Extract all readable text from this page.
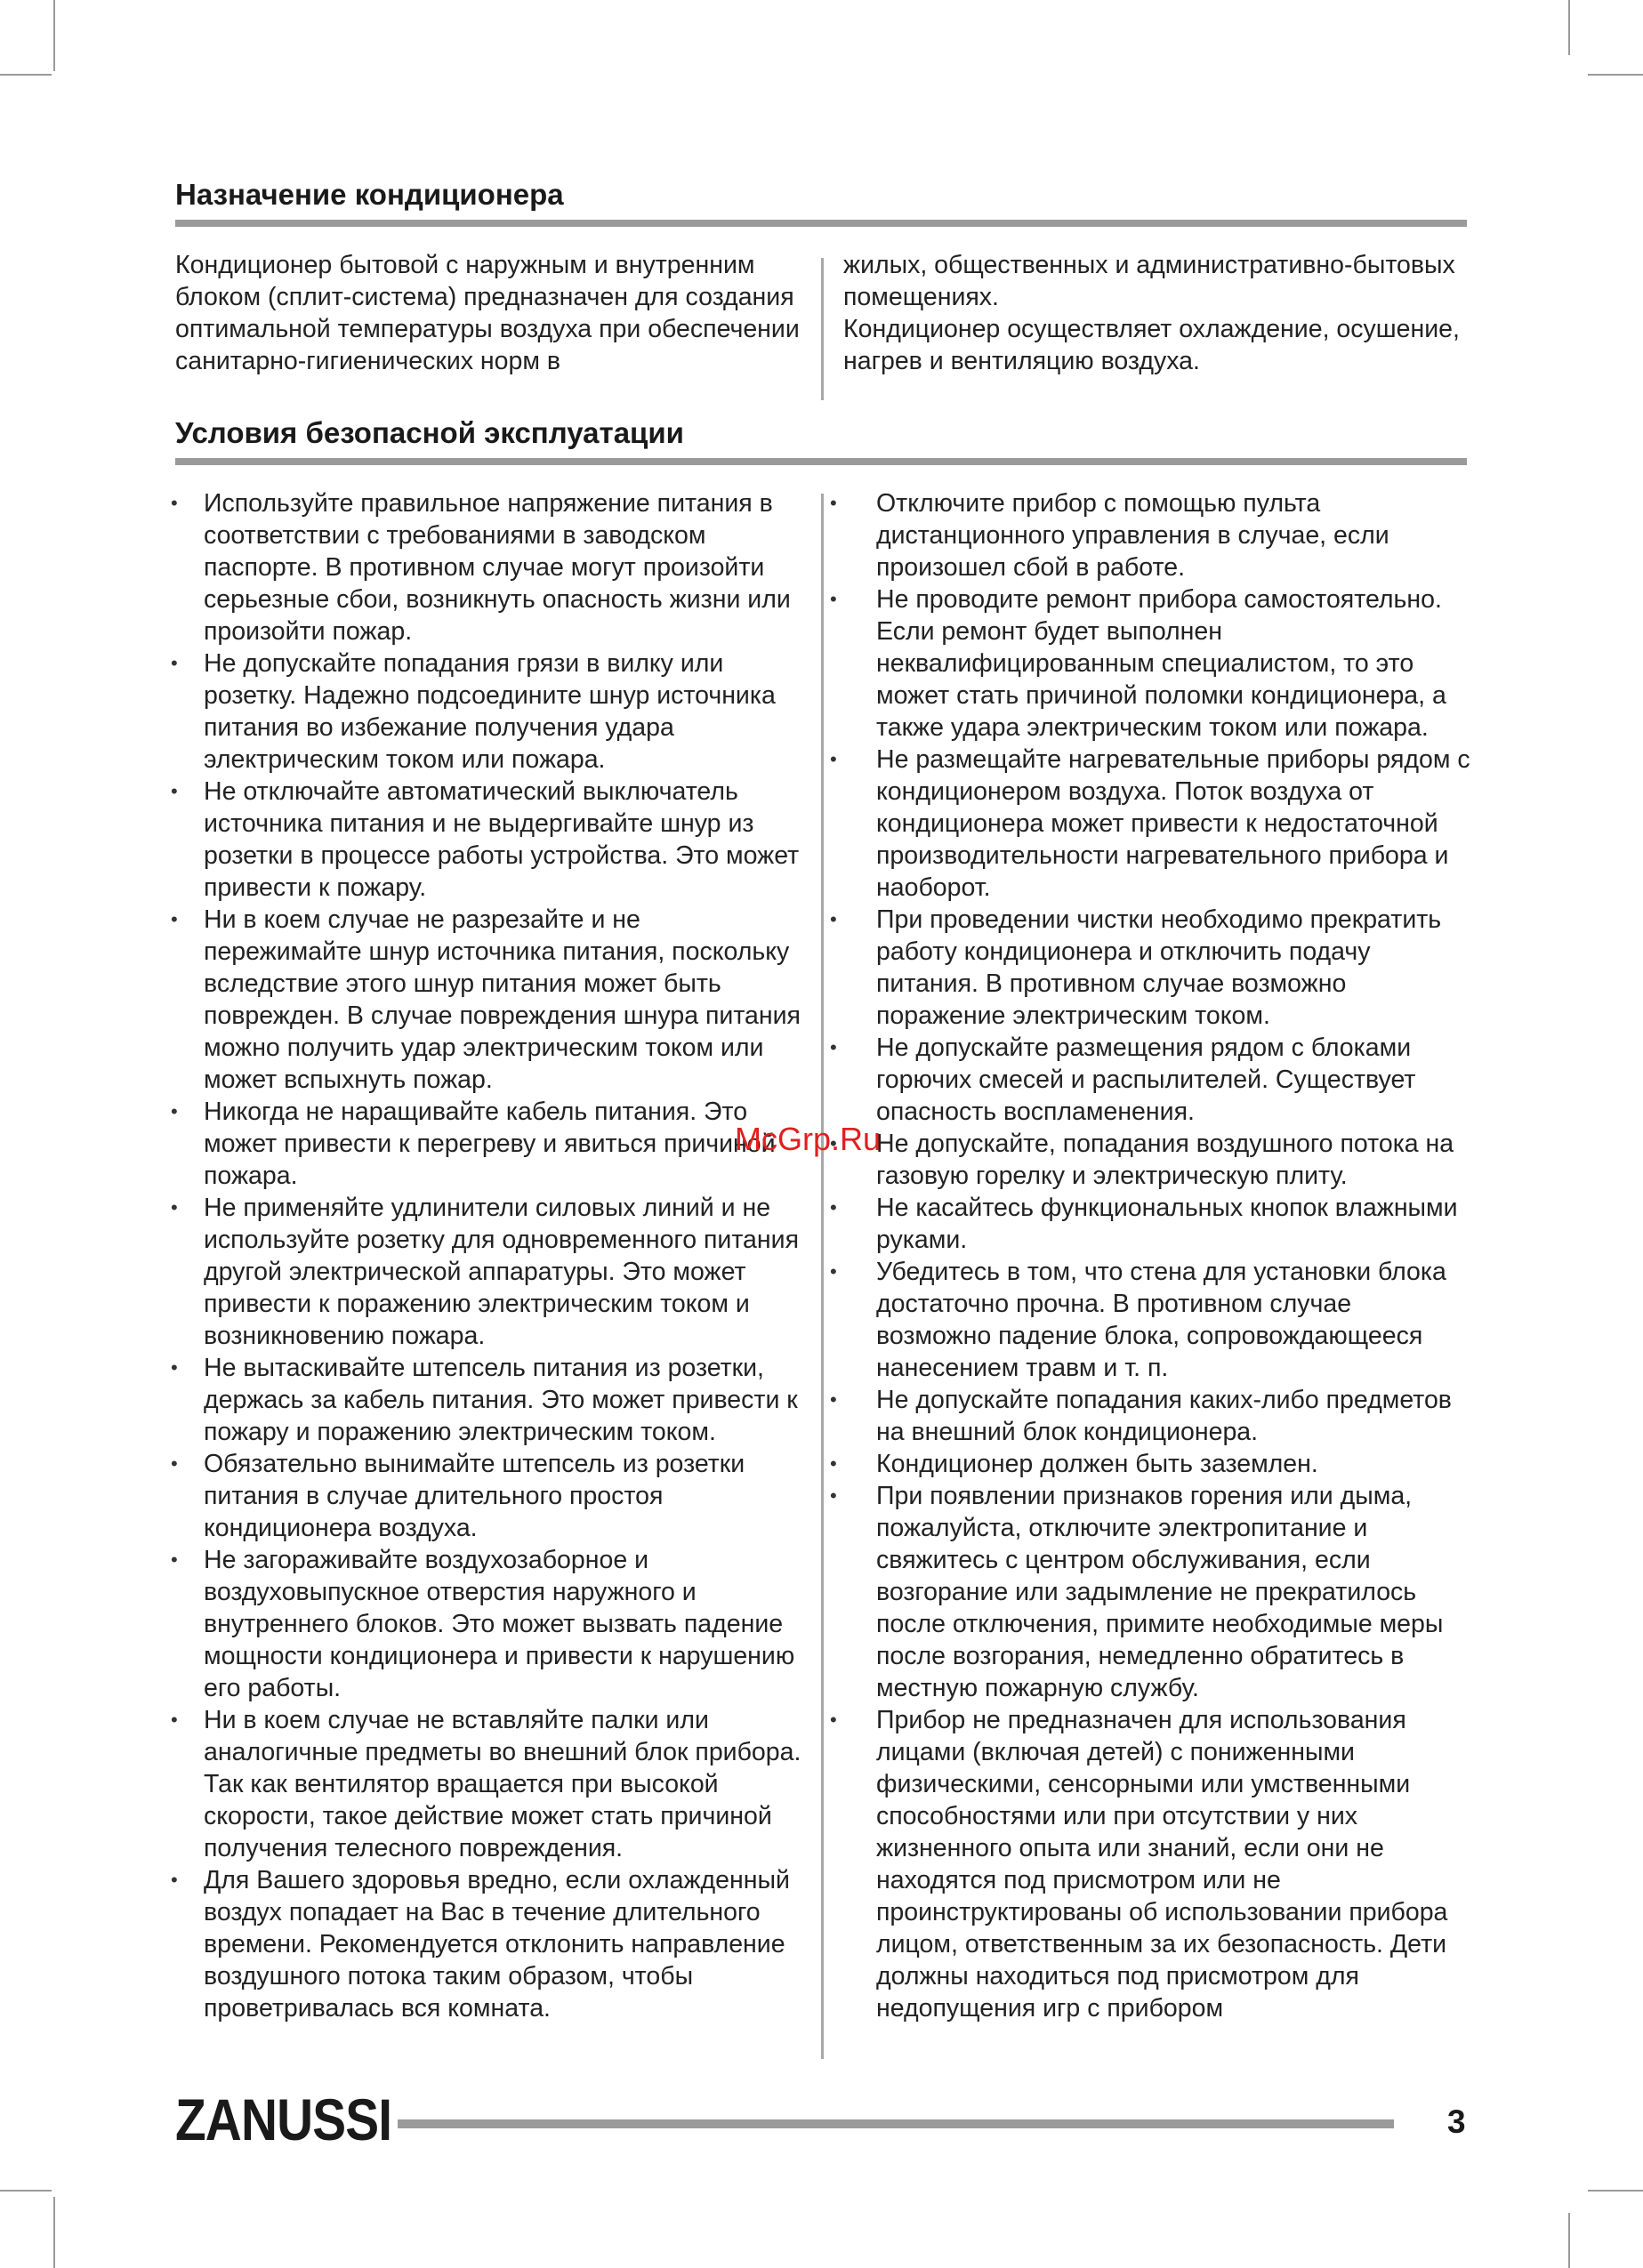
Назначение кондиционера

Кондиционер бытовой с наружным и внутренним блоком (сплит-система) предназначен для создания оптимальной температуры воздуха при обеспечении санитарно-гигиенических норм в

жилых, общественных и административно-бытовых помещениях.

Кондиционер осуществляет охлаждение, осушение, нагрев и вентиляцию воздуха.

Условия безопасной эксплуатации
• Используйте правильное напряжение питания в соответствии с требованиями в заводском паспорте. В противном случае могут произойти серьезные сбои, возникнуть опасность жизни или произойти пожар.
• Не допускайте попадания грязи в вилку или розетку. Надежно подсоедините шнур источника питания во избежание получения удара электрическим током или пожара.
• Не отключайте автоматический выключатель источника питания и не выдергивайте шнур из розетки в процессе работы устройства. Это может привести к пожару.
• Ни в коем случае не разрезайте и не пережимайте шнур источника питания, поскольку вследствие этого шнур питания может быть поврежден. В случае повреждения шнура питания можно получить удар электрическим током или может вспыхнуть пожар.
• Никогда не наращивайте кабель питания. Это может привести к перегреву и явиться причиной пожара.
• Не применяйте удлинители силовых линий и не используйте розетку для одновременного питания другой электрической аппаратуры. Это может привести к поражению электрическим током и возникновению пожара.
• Не вытаскивайте штепсель питания из розетки, держась за кабель питания. Это может привести к пожару и поражению электрическим током.
• Обязательно вынимайте штепсель из розетки питания в случае длительного простоя кондиционера воздуха.
• Не загораживайте воздухозаборное и воздуховыпускное отверстия наружного и внутреннего блоков. Это может вызвать падение мощности кондиционера и привести к нарушению его работы.
• Ни в коем случае не вставляйте палки или аналогичные предметы во внешний блок прибора. Так как вентилятор вращается при высокой скорости, такое действие может стать причиной получения телесного повреждения.
• Для Вашего здоровья вредно, если охлажденный воздух попадает на Вас в течение длительного времени. Рекомендуется отклонить направление воздушного потока таким образом, чтобы проветривалась вся комната.
• Отключите прибор с помощью пульта дистанционного управления в случае, если произошел сбой в работе.
• Не проводите ремонт прибора самостоятельно. Если ремонт будет выполнен неквалифицированным специалистом, то это может стать причиной поломки кондиционера, а также удара электрическим током или пожара.
• Не размещайте нагревательные приборы рядом с кондиционером воздуха. Поток воздуха от кондиционера может привести к недостаточной производительности нагревательного прибора и наоборот.
• При проведении чистки необходимо прекратить работу кондиционера и отключить подачу питания. В противном случае возможно поражение электрическим током.
• Не допускайте размещения рядом с блоками горючих смесей и распылителей. Существует опасность воспламенения.
• Не допускайте, попадания воздушного потока на газовую горелку и электрическую плиту.
• Не касайтесь функциональных кнопок влажными руками.
• Убедитесь в том, что стена для установки блока достаточно прочна. В противном случае возможно падение блока, сопровождающееся нанесением травм и т. п.
• Не допускайте попадания каких-либо предметов на внешний блок кондиционера.
• Кондиционер должен быть заземлен.
• При появлении признаков горения или дыма, пожалуйста, отключите электропитание и свяжитесь с центром обслуживания, если возгорание или задымление не прекратилось после отключения, примите необходимые меры после возгорания, немедленно обратитесь в местную пожарную службу.
• Прибор не предназначен для использования лицами (включая детей) с пониженными физическими, сенсорными или умственными способностями или при отсутствии у них жизненного опыта или знаний, если они не находятся под присмотром или не проинструктированы об использовании прибора лицом, ответственным за их безопасность. Дети должны находиться под присмотром для недопущения игр с прибором
McGrp.Ru
ZANUSSI	3
